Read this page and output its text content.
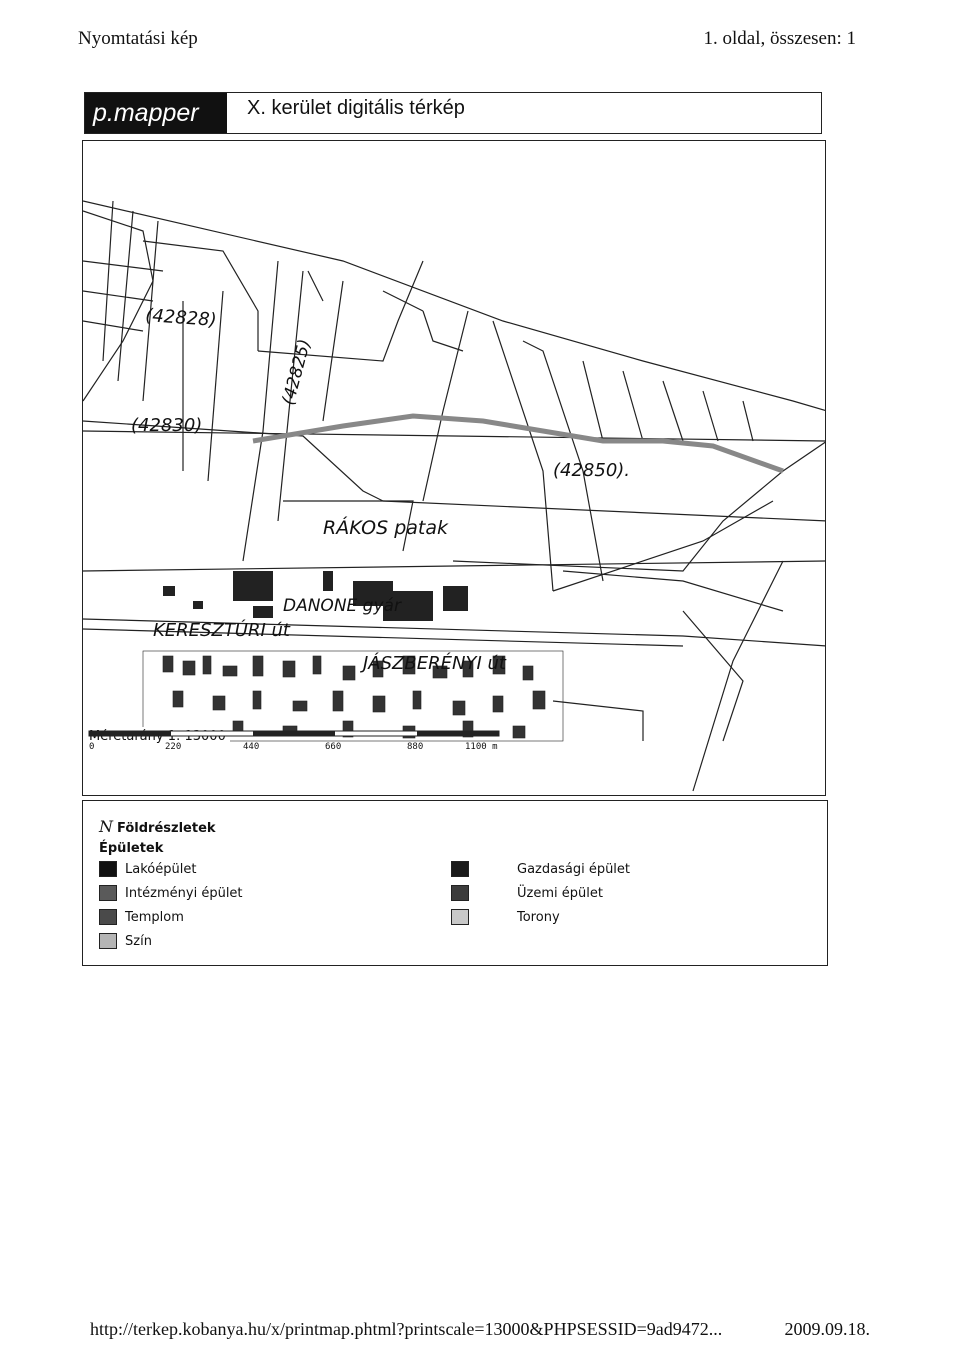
Nyomtatási kép	1. oldal, összesen: 1
p.mapper	X. kerület digitális térkép
(42828)
(42825)
(42830)
(42850).
RÁKOS patak
DANONE gyár
KERESZTÚRI út
JÁSZBERÉNYI út
0	220	440	660	880	1100 m
N Földrészletek
Épületek
Lakóépület
Intézményi épület
Templom
Szín
Gazdasági épület
Üzemi épület
Torony
http://terkep.kobanya.hu/x/printmap.phtml?printscale=13000&PHPSESSID=9ad9472...	2009.09.18.
